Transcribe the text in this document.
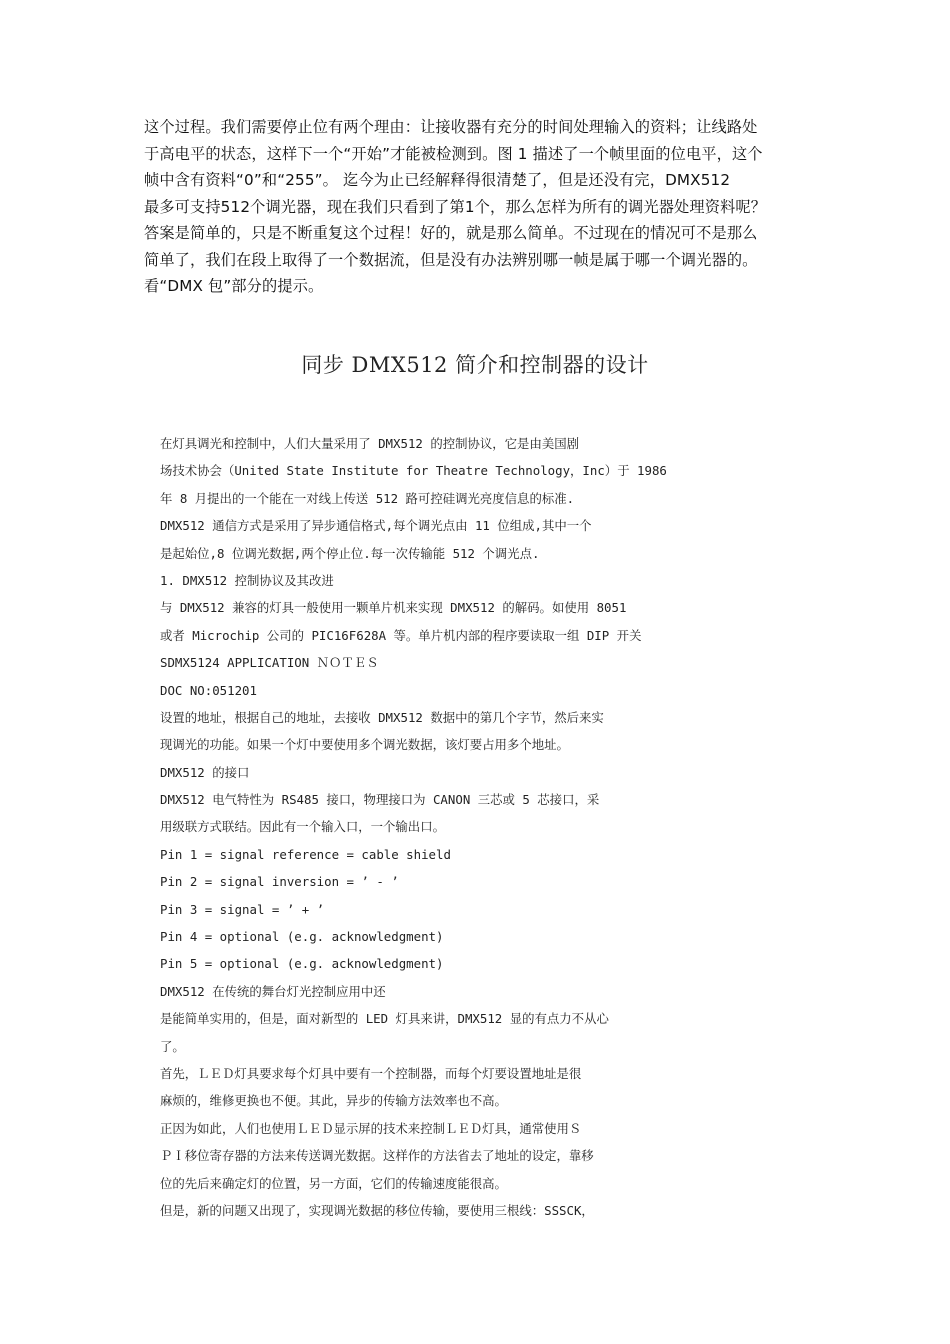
这个过程。我们需要停止位有两个理由：让接收器有充分的时间处理输入的资料；让线路处
于高电平的状态，这样下一个“开始”才能被检测到。图 1 描述了一个帧里面的位电平，这个
帧中含有资料“0”和“255”。 迄今为止已经解释得很清楚了，但是还没有完，DMX512
最多可支持512个调光器，现在我们只看到了第1个，那么怎样为所有的调光器处理资料呢？
答案是简单的，只是不断重复这个过程！好的，就是那么简单。不过现在的情况可不是那么
简单了，我们在段上取得了一个数据流，但是没有办法辨别哪一帧是属于哪一个调光器的。
看“DMX 包”部分的提示。
同步 DMX512 简介和控制器的设计
在灯具调光和控制中，人们大量采用了 DMX512 的控制协议，它是由美国剧
场技术协会（United State Institute for Theatre Technology，Inc）于 1986
年 8 月提出的一个能在一对线上传送 512 路可控硅调光亮度信息的标准.
DMX512 通信方式是采用了异步通信格式,每个调光点由 11 位组成,其中一个
是起始位,8 位调光数据,两个停止位.每一次传输能 512 个调光点.
1. DMX512 控制协议及其改进
与 DMX512 兼容的灯具一般使用一颗单片机来实现 DMX512 的解码。如使用 8051
或者 Microchip 公司的 PIC16F628A 等。单片机内部的程序要读取一组 DIP 开关
SDMX5124 APPLICATION ＮＯＴＥＳ
DOC NO:051201
设置的地址，根据自己的地址，去接收 DMX512 数据中的第几个字节，然后来实
现调光的功能。如果一个灯中要使用多个调光数据，该灯要占用多个地址。
DMX512 的接口
DMX512 电气特性为 RS485 接口，物理接口为 CANON 三芯或 5 芯接口，采
用级联方式联结。因此有一个输入口，一个输出口。
Pin 1 = signal reference = cable shield
Pin 2 = signal inversion = ’ - ’
Pin 3 = signal = ’ + ’
Pin 4 = optional (e.g. acknowledgment)
Pin 5 = optional (e.g. acknowledgment)
DMX512 在传统的舞台灯光控制应用中还
是能简单实用的，但是，面对新型的 LED 灯具来讲，DMX512 显的有点力不从心
了。
首先，ＬＥＤ灯具要求每个灯具中要有一个控制器，而每个灯要设置地址是很
麻烦的，维修更换也不便。其此，异步的传输方法效率也不高。
正因为如此，人们也使用ＬＥＤ显示屏的技术来控制ＬＥＤ灯具，通常使用Ｓ
ＰＩ移位寄存器的方法来传送调光数据。这样作的方法省去了地址的设定，靠移
位的先后来确定灯的位置，另一方面，它们的传输速度能很高。
但是，新的问题又出现了，实现调光数据的移位传输，要使用三根线：SSSCK，
